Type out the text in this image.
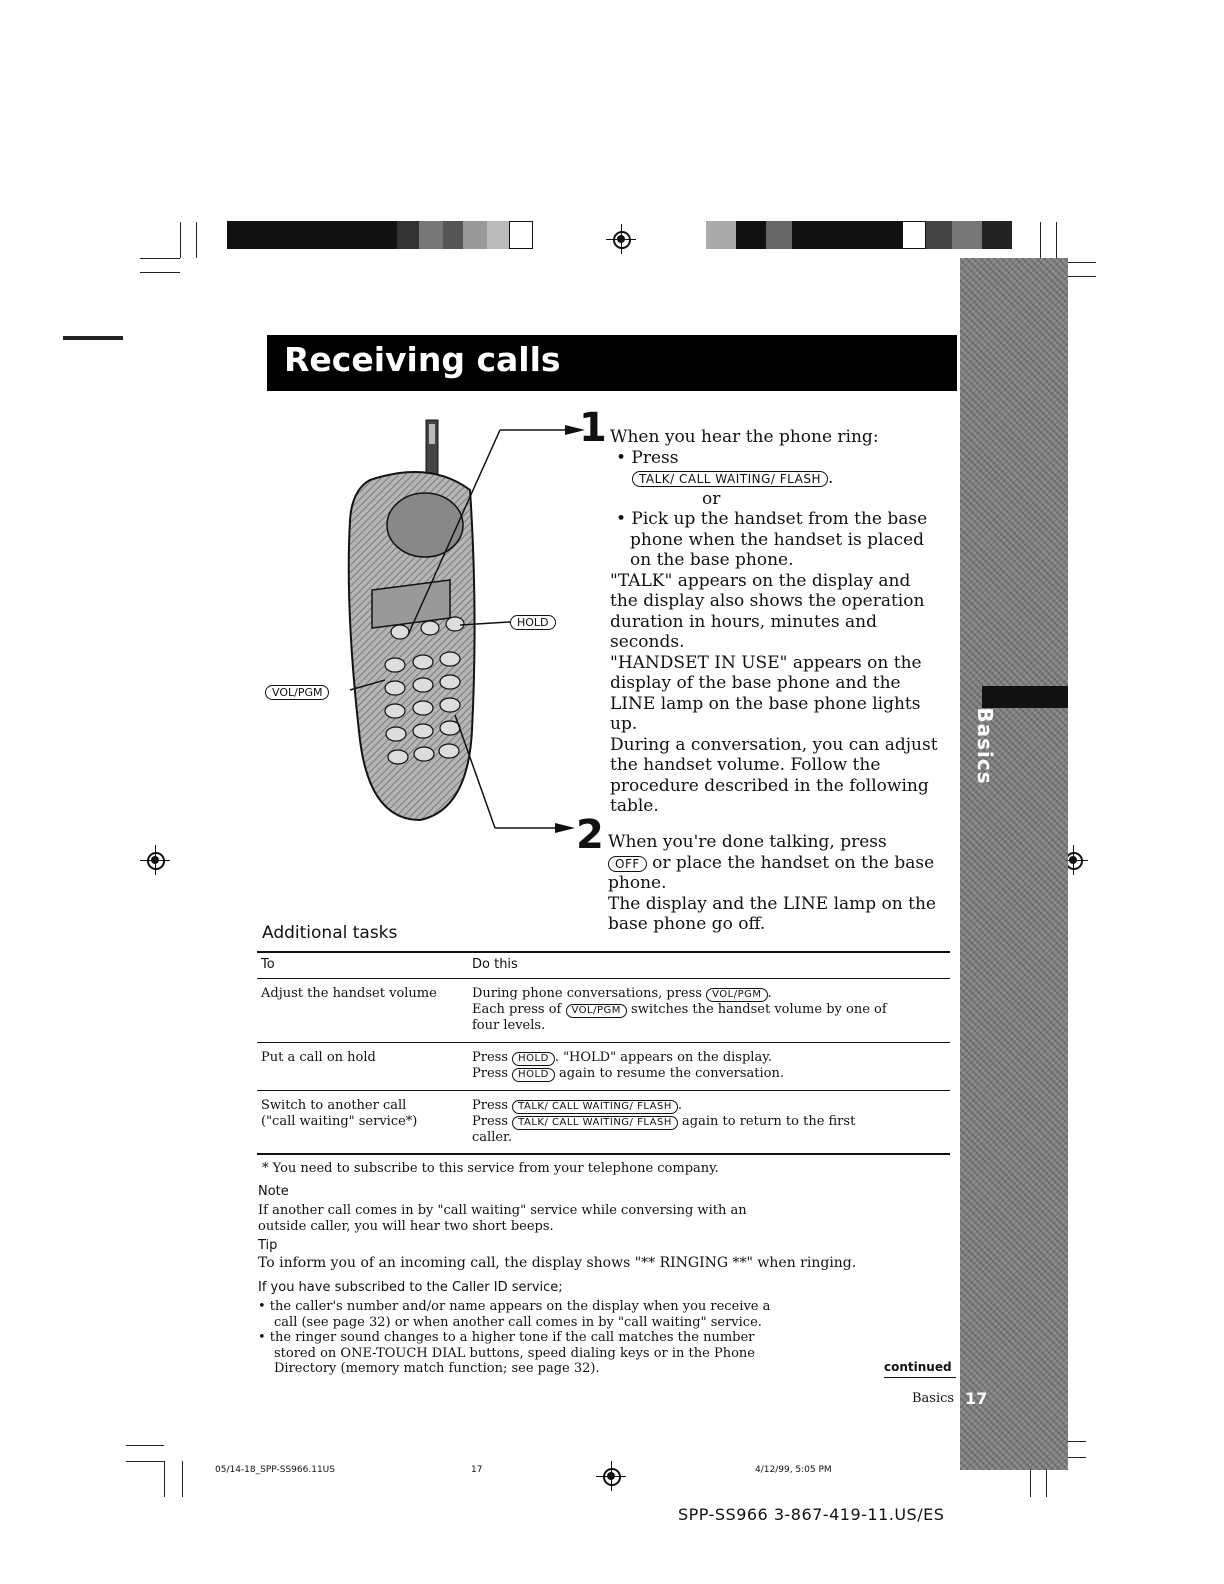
Basics
Receiving calls
HOLD
VOL/PGM
1 When you hear the phone ring:
• Press
TALK/ CALL WAITING/ FLASH .
or
• Pick up the handset from the base
phone when the handset is placed
on the base phone.
"TALK" appears on the display and
the display also shows the operation
duration in hours, minutes and
seconds.
"HANDSET IN USE" appears on the
display of the base phone and the
LINE lamp on the base phone lights
up.
During a conversation, you can adjust
the handset volume. Follow the
procedure described in the following
table.
2 When you're done talking, press
OFF or place the handset on the base
phone.
The display and the LINE lamp on the
base phone go off.
Additional tasks
To	Do this
Adjust the handset volume	During phone conversations, press VOL/PGM .
Each press of VOL/PGM switches the handset volume by one of
four levels.
Put a call on hold	Press HOLD . "HOLD" appears on the display.
Press HOLD again to resume the conversation.
Switch to another call
("call waiting" service*)
Press TALK/ CALL WAITING/ FLASH .
Press TALK/ CALL WAITING/ FLASH again to return to the first
caller.
* You need to subscribe to this service from your telephone company.
Note
If another call comes in by "call waiting" service while conversing with an
outside caller, you will hear two short beeps.
Tip
To inform you of an incoming call, the display shows "** RINGING **" when ringing.
If you have subscribed to the Caller ID service;
• the caller's number and/or name appears on the display when you receive a
call (see page 32) or when another call comes in by "call waiting" service.
• the ringer sound changes to a higher tone if the call matches the number
stored on ONE-TOUCH DIAL buttons, speed dialing keys or in the Phone
Directory (memory match function; see page 32).	continued
Basics 17
05/14-18_SPP-SS966.11US	17	4/12/99, 5:05 PM
SPP-SS966 3-867-419-11.US/ES
